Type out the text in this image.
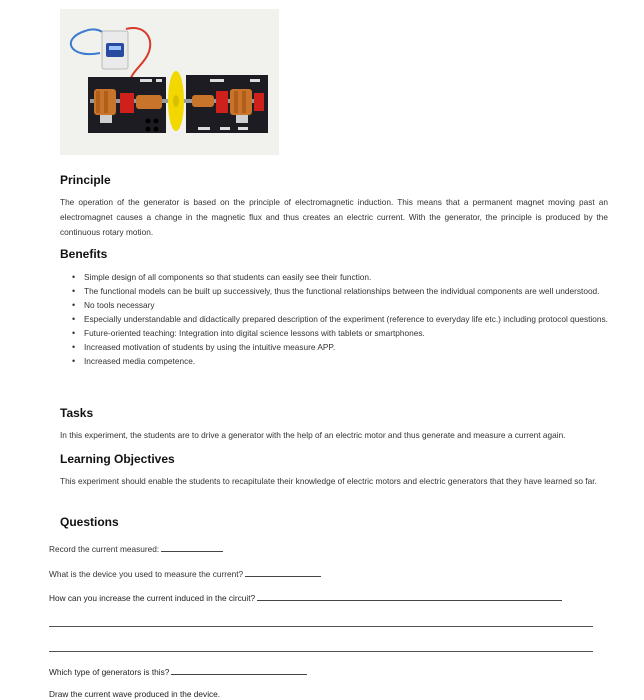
Principle

The operation of the generator is based on the principle of electromagnetic induction. This means that a permanent magnet moving past an electromagnet causes a change in the magnetic flux and thus creates an electric current. With the generator, the principle is produced by the continuous rotary motion.

Benefits
• Simple design of all components so that students can easily see their function.
• The functional models can be built up successively, thus the functional relationships between the individual components are well understood.
• No tools necessary
• Especially understandable and didactically prepared description of the experiment (reference to everyday life etc.) including protocol questions.
• Future-oriented teaching: Integration into digital science lessons with tablets or smartphones.
• Increased motivation of students by using the intuitive measure APP.
• Increased media competence.
Tasks

In this experiment, the students are to drive a generator with the help of an electric motor and thus generate and measure a current again.

Learning Objectives

This experiment should enable the students to recapitulate their knowledge of electric motors and electric generators that they have learned so far.

Questions
Record the current measured:
What is the device you used to measure the current?
How can you increase the current induced in the circuit?
Which type of generators is this?
Draw the current wave produced in the device.
